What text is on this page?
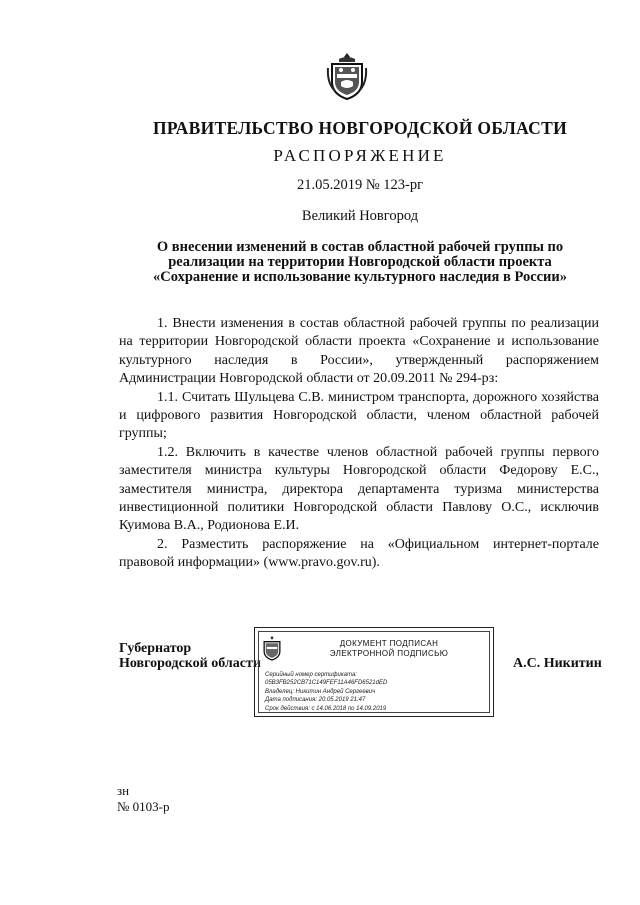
ПРАВИТЕЛЬСТВО НОВГОРОДСКОЙ ОБЛАСТИ
РАСПОРЯЖЕНИЕ
21.05.2019 № 123-рг
Великий Новгород
О внесении изменений в состав областной рабочей группы по
реализации на территории Новгородской области проекта
«Сохранение и использование культурного наследия в России»

1. Внести изменения в состав областной рабочей группы по реализации на территории Новгородской области проекта «Сохранение и использование культурного наследия в России», утвержденный распоряжением Администрации Новгородской области от 20.09.2011 № 294-рз:

1.1. Считать Шульцева С.В. министром транспорта, дорожного хозяйства и цифрового развития Новгородской области, членом областной рабочей группы;

1.2. Включить в качестве членов областной рабочей группы первого заместителя министра культуры Новгородской области Федорову Е.С., заместителя министра, директора департамента туризма министерства инвестиционной политики Новгородской области Павлову О.С., исключив Куимова В.А., Родионова Е.И.

2. Разместить распоряжение на «Официальном интернет-портале правовой информации» (www.pravo.gov.ru).

Губернатор
Новгородской области
ДОКУМЕНТ ПОДПИСАН
ЭЛЕКТРОННОЙ ПОДПИСЬЮ
Серийный номер сертификата:
05B3FB252CB71C149FEF11A46FD6521dED
Владелец: Никитин Андрей Сергеевич
Дата подписания: 20.05.2019 21:47
Срок действия: с 14.06.2018 по 14.09.2019
А.С. Никитин
зн
№ 0103-р
